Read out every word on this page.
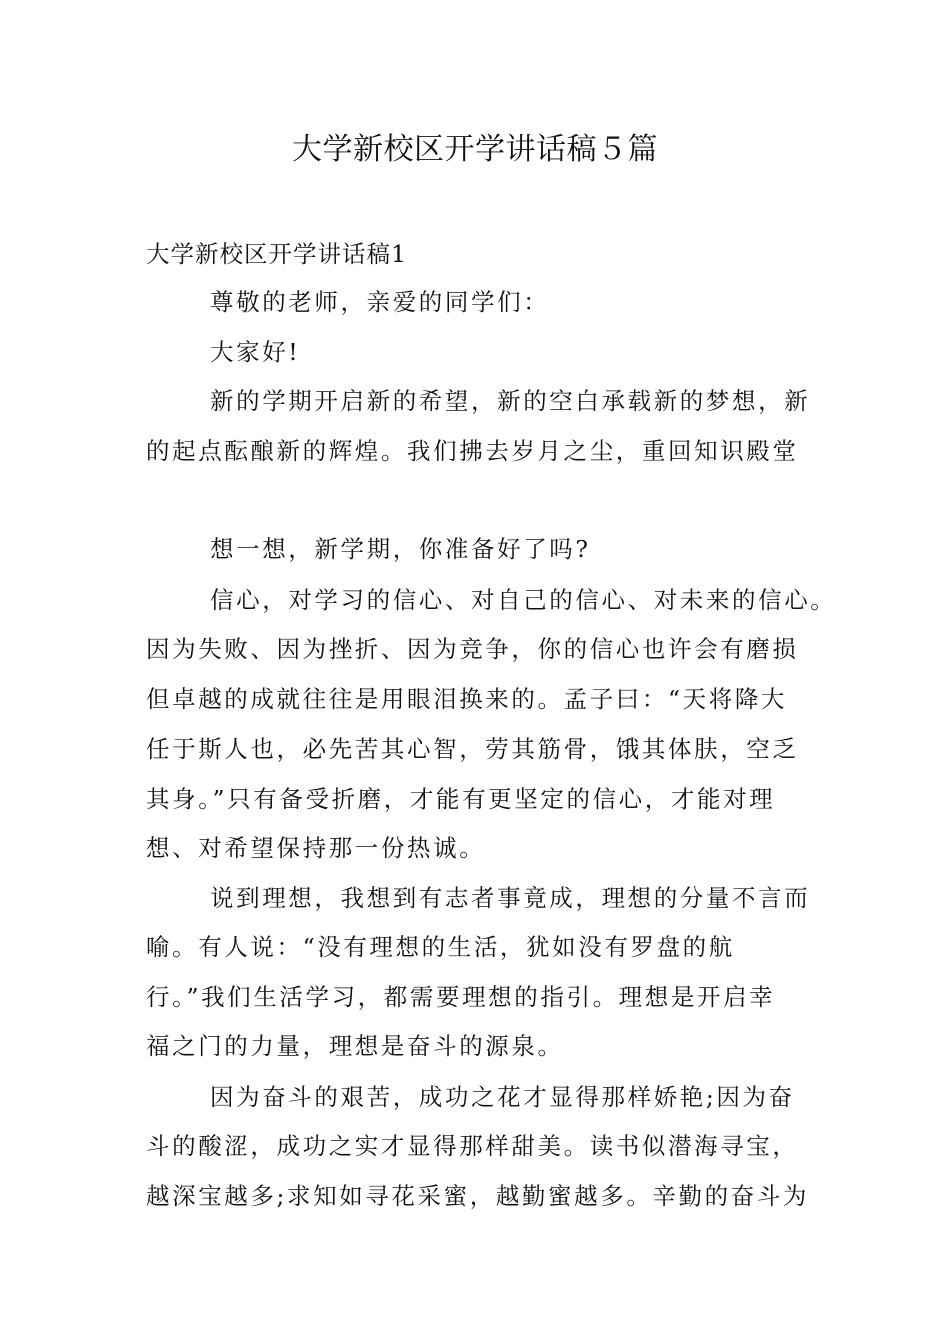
大学新校区开学讲话稿５篇
大学新校区开学讲话稿1
尊敬的老师，亲爱的同学们：
大家好!
新的学期开启新的希望，新的空白承载新的梦想，新
的起点酝酿新的辉煌。我们拂去岁月之尘，重回知识殿堂
想一想，新学期，你准备好了吗?
信心，对学习的信心、对自己的信心、对未来的信心。
因为失败、因为挫折、因为竞争，你的信心也许会有磨损
但卓越的成就往往是用眼泪换来的。孟子曰：“天将降大
任于斯人也，必先苦其心智，劳其筋骨，饿其体肤，空乏
其身。”只有备受折磨，才能有更坚定的信心，才能对理
想、对希望保持那一份热诚。
说到理想，我想到有志者事竟成，理想的分量不言而
喻。有人说：“没有理想的生活，犹如没有罗盘的航
行。”我们生活学习，都需要理想的指引。理想是开启幸
福之门的力量，理想是奋斗的源泉。
因为奋斗的艰苦，成功之花才显得那样娇艳;因为奋
斗的酸涩，成功之实才显得那样甜美。读书似潜海寻宝，
越深宝越多;求知如寻花采蜜，越勤蜜越多。辛勤的奋斗为
